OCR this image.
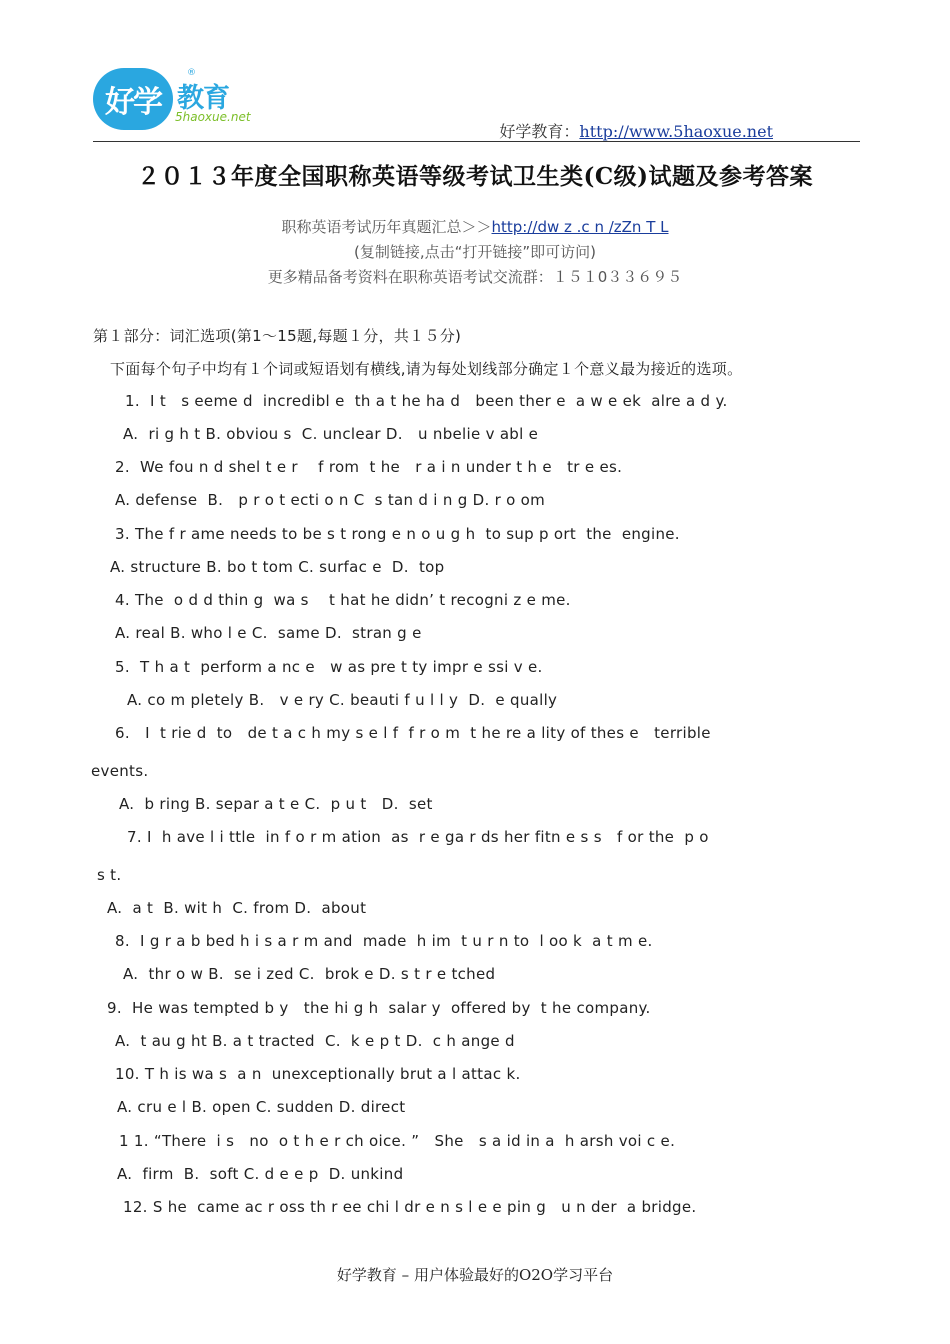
好学
®
教育
5haoxue.net
好学教育：http://www.5haoxue.net
２０１３年度全国职称英语等级考试卫生类(C级)试题及参考答案
职称英语考试历年真题汇总＞＞http://dw z .c n /zZn T L
(复制链接,点击“打开链接”即可访问)
更多精品备考资料在职称英语考试交流群：１５１0３３６９５
第１部分：词汇选项(第1～15题,每题１分，共１５分)
下面每个句子中均有１个词或短语划有横线,请为每处划线部分确定１个意义最为接近的选项。
1.  I t   s eeme d  incredibl e  th a t he ha d   been ther e  a w e ek  alre a d y.
A.  ri g h t B. obviou s  C. unclear D.   u nbelie v abl e
2.  We fou n d shel t e r    f rom  t he   r a i n under t h e   tr e es.
A. defense  B.   p r o t ecti o n C  s tan d i n g D. r o om
3. The f r ame needs to be s t rong e n o u g h  to sup p ort  the  engine.
A. structure B. bo t tom C. surfac e  D.  top
4. The  o d d thin g  wa s    t hat he didn’ t recogni z e me.
A. real B. who l e C.  same D.  stran g e
5.  T h a t  perform a nc e   w as pre t ty impr e ssi v e.
A. co m pletely B.   v e ry C. beauti f u l l y  D.  e qually
6.   I  t rie d  to   de t a c h my s e l f  f r o m  t he re a lity of thes e   terrible
events.
A.  b ring B. separ a t e C.  p u t   D.  set
7. I  h ave l i ttle  in f o r m ation  as  r e ga r ds her fitn e s s   f or the  p o
s t.
A.  a t  B. wit h  C. from D.  about
8.  I g r a b bed h i s a r m and  made  h im  t u r n to  l oo k  a t m e.
A.  thr o w B.  se i zed C.  brok e D. s t r e tched
9.  He was tempted b y   the hi g h  salar y  offered by  t he company.
A.  t au g ht B. a t tracted  C.  k e p t D.  c h ange d
10. T h is wa s  a n  unexceptionally brut a l attac k.
A. cru e l B. open C. sudden D. direct
1 1. “There  i s   no  o t h e r ch oice. ”   She   s a id in a  h arsh voi c e.
A.  firm  B.  soft C. d e e p  D. unkind
12. S he  came ac r oss th r ee chi l dr e n s l e e pin g   u n der  a bridge.
好学教育 – 用户体验最好的O2O学习平台
